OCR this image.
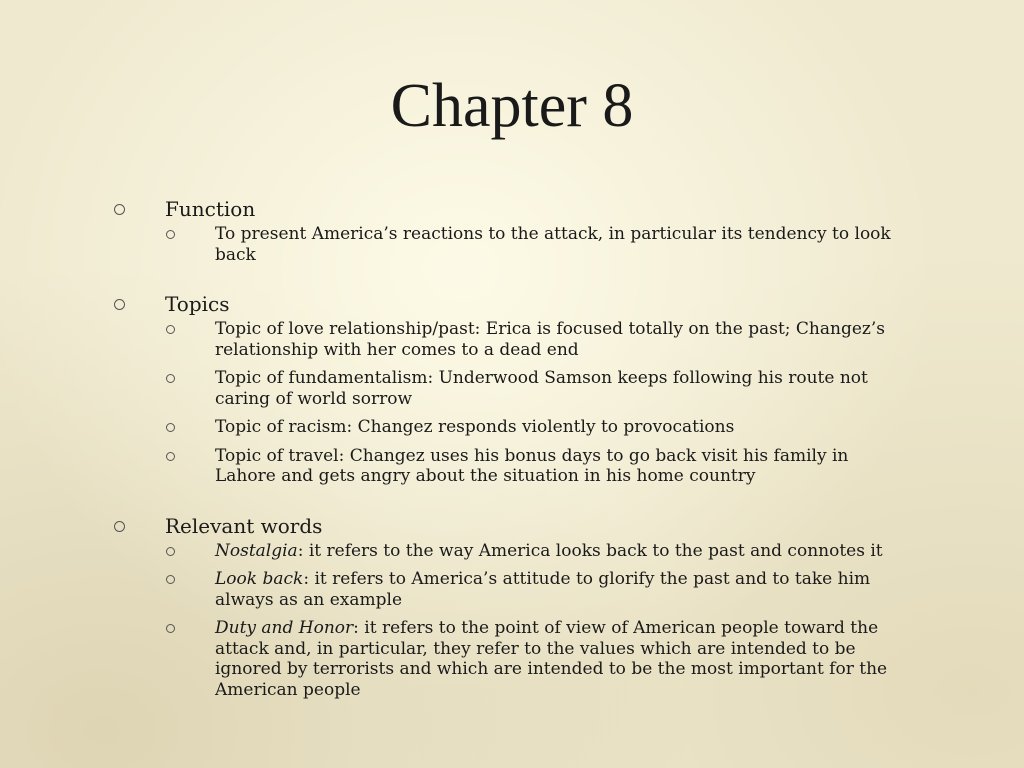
Chapter 8
Function
To present America’s reactions to the attack, in particular its tendency to look back
Topics
Topic of love relationship/past: Erica is focused totally on the past; Changez’s relationship with her comes to a dead end
Topic of fundamentalism: Underwood Samson keeps following his route not caring of world sorrow
Topic of racism: Changez responds violently to provocations
Topic of travel: Changez uses his bonus days to go back visit his family in Lahore and gets angry about the situation in his home country
Relevant words
Nostalgia: it refers to the way America looks back to the past and connotes it
Look back: it refers to America’s attitude to glorify the past and to take him always as an example
Duty and Honor: it refers to the point of view of American people toward the attack and, in particular, they refer to the values which are intended to be ignored by terrorists and which are intended to be the most important for the American people
